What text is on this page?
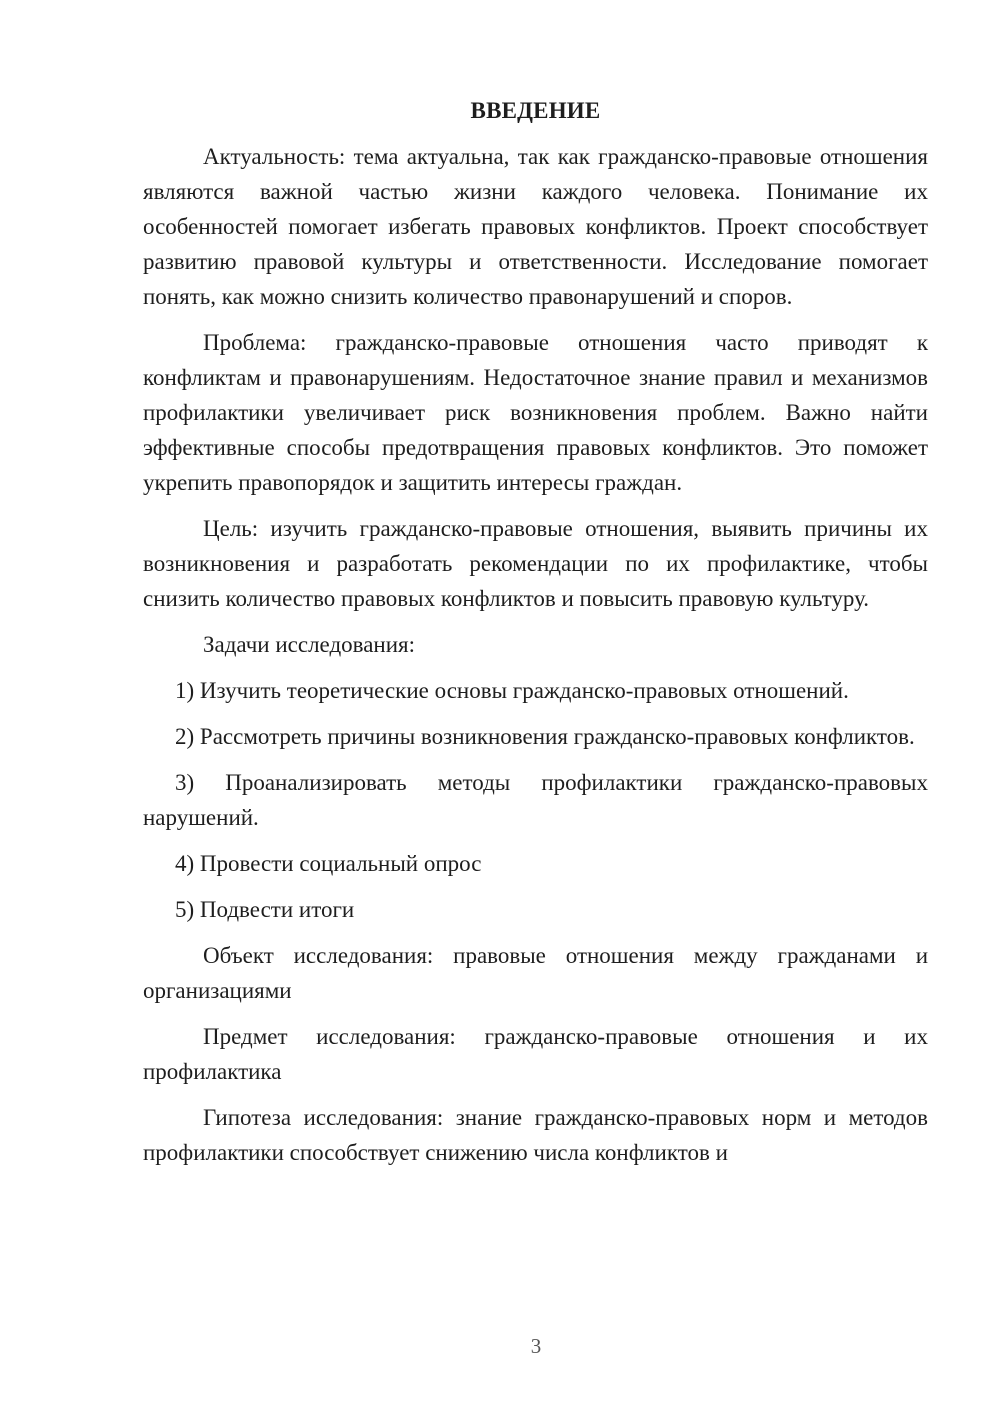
ВВЕДЕНИЕ

Актуальность: тема актуальна, так как гражданско-правовые отношения являются важной частью жизни каждого человека. Понимание их особенностей помогает избегать правовых конфликтов. Проект способствует развитию правовой культуры и ответственности. Исследование помогает понять, как можно снизить количество правонарушений и споров.

Проблема: гражданско-правовые отношения часто приводят к конфликтам и правонарушениям. Недостаточное знание правил и механизмов профилактики увеличивает риск возникновения проблем. Важно найти эффективные способы предотвращения правовых конфликтов. Это поможет укрепить правопорядок и защитить интересы граждан.

Цель: изучить гражданско-правовые отношения, выявить причины их возникновения и разработать рекомендации по их профилактике, чтобы снизить количество правовых конфликтов и повысить правовую культуру.

Задачи исследования:

1) Изучить теоретические основы гражданско-правовых отношений.

2) Рассмотреть причины возникновения гражданско-правовых конфликтов.

3) Проанализировать методы профилактики гражданско-правовых нарушений.

4) Провести социальный опрос

5) Подвести итоги

Объект исследования: правовые отношения между гражданами и организациями

Предмет исследования: гражданско-правовые отношения и их профилактика

Гипотеза исследования: знание гражданско-правовых норм и методов профилактики способствует снижению числа конфликтов и

3
